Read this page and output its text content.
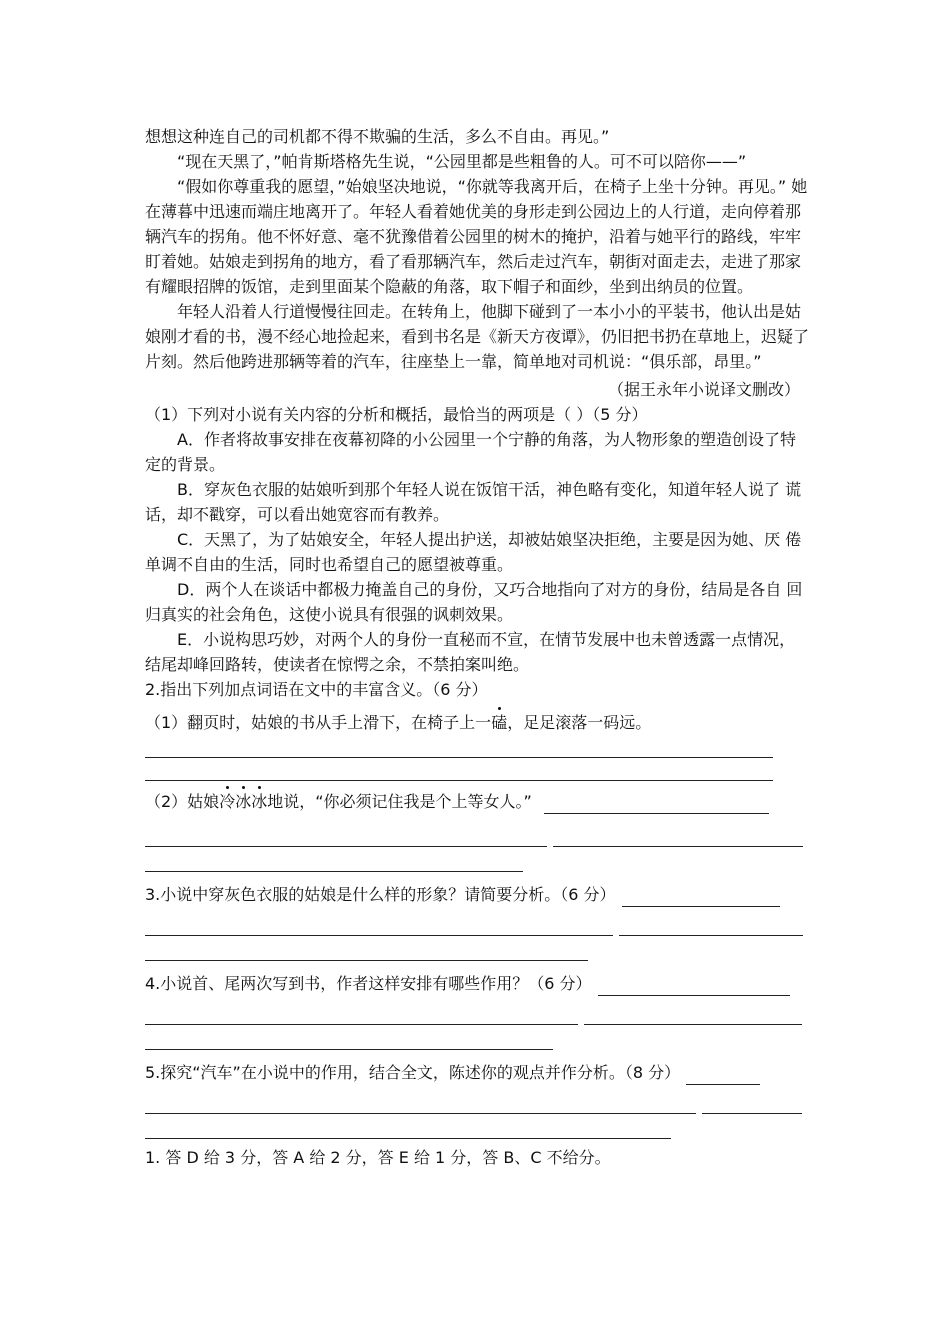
想想这种连自己的司机都不得不欺骗的生活，多么不自由。再见。”

“现在天黑了，”帕肯斯塔格先生说，“公园里都是些粗鲁的人。可不可以陪你——”

“假如你尊重我的愿望，”始娘坚决地说，“你就等我离开后，在椅子上坐十分钟。再见。” 她在薄暮中迅速而端庄地离开了。年轻人看着她优美的身形走到公园边上的人行道，走向停着那辆汽车的拐角。他不怀好意、毫不犹豫借着公园里的树木的掩护，沿着与她平行的路线，牢牢盯着她。姑娘走到拐角的地方，看了看那辆汽车，然后走过汽车，朝街对面走去，走进了那家有耀眼招牌的饭馆，走到里面某个隐蔽的角落，取下帽子和面纱，坐到出纳员的位置。

年轻人沿着人行道慢慢往回走。在转角上，他脚下碰到了一本小小的平装书，他认出是姑娘刚才看的书，漫不经心地捡起来，看到书名是《新天方夜谭》，仍旧把书扔在草地上，迟疑了片刻。然后他跨进那辆等着的汽车，往座垫上一靠，简单地对司机说：“俱乐部，昂里。”

（据王永年小说译文删改）

（1）下列对小说有关内容的分析和概括，最恰当的两项是（ ）（5 分）

A．作者将故事安排在夜幕初降的小公园里一个宁静的角落，为人物形象的塑造创设了特定的背景。

B．穿灰色衣服的姑娘听到那个年轻人说在饭馆干活，神色略有变化，知道年轻人说了 谎话，却不戳穿，可以看出她宽容而有教养。

C．天黑了，为了姑娘安全，年轻人提出护送，却被姑娘坚决拒绝，主要是因为她、厌 倦单调不自由的生活，同时也希望自己的愿望被尊重。

D．两个人在谈话中都极力掩盖自己的身份，又巧合地指向了对方的身份，结局是各自 回归真实的社会角色，这使小说具有很强的讽刺效果。

E．小说构思巧妙，对两个人的身份一直秘而不宣，在情节发展中也未曾透露一点情况， 结尾却峰回路转，使读者在惊愕之余，不禁拍案叫绝。

2.指出下列加点词语在文中的丰富含义。（6 分）

（1）翻页时，姑娘的书从手上滑下，在椅子上一磕，足足滚落一码远。

（2）姑娘冷冰冰地说，“你必须记住我是个上等女人。”
3.小说中穿灰色衣服的姑娘是什么样的形象？请简要分析。（6 分）
4.小说首、尾两次写到书，作者这样安排有哪些作用？（6 分）
5.探究“汽车”在小说中的作用，结合全文，陈述你的观点并作分析。（8 分）

1. 答 D 给 3 分，答 A 给 2 分，答 E 给 1 分，答 B、C 不给分。
